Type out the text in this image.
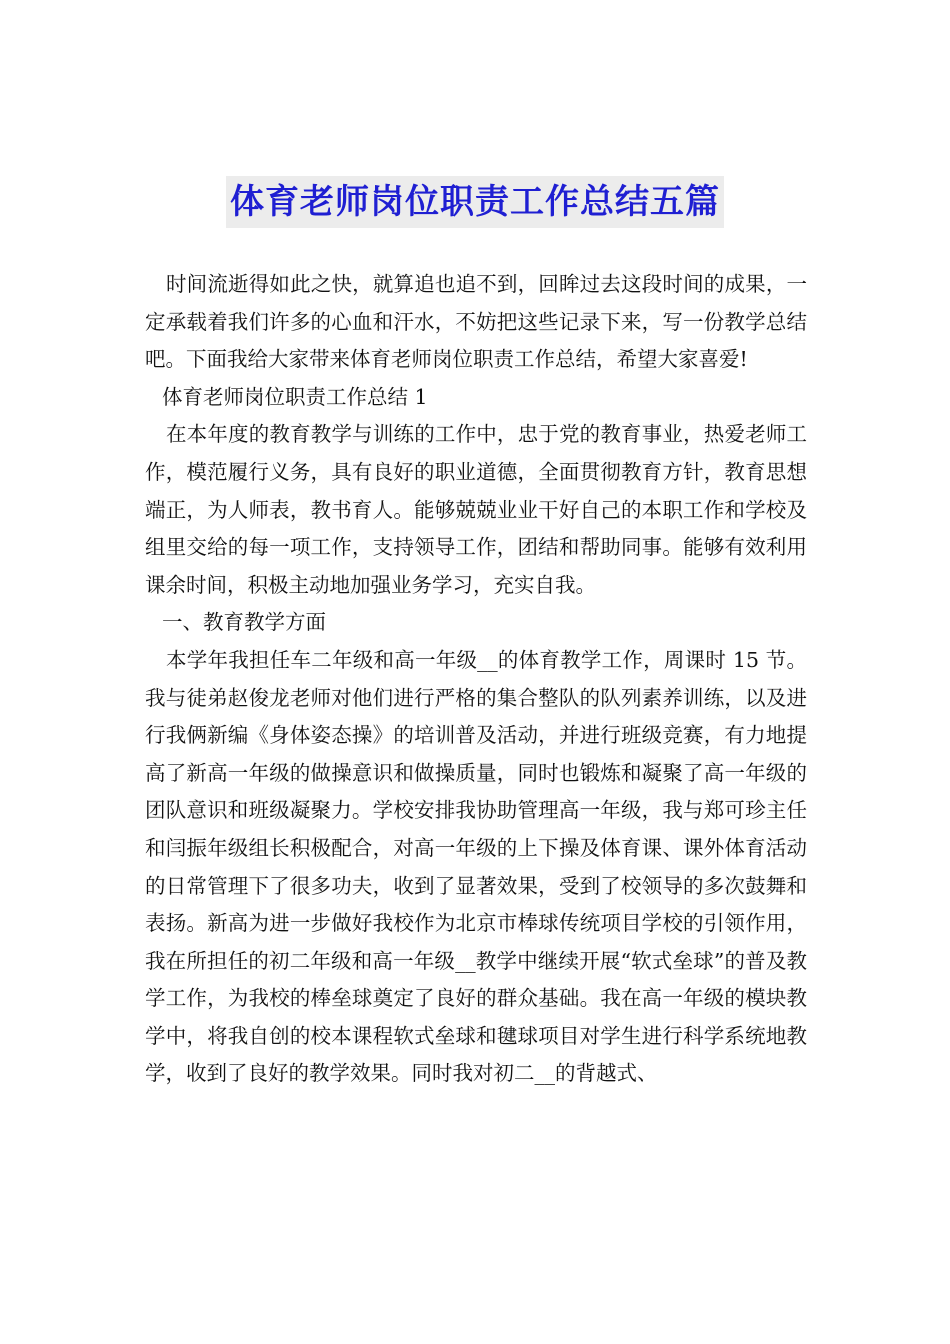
体育老师岗位职责工作总结五篇

时间流逝得如此之快，就算追也追不到，回眸过去这段时间的成果，一定承载着我们许多的心血和汗水，不妨把这些记录下来，写一份教学总结吧。下面我给大家带来体育老师岗位职责工作总结，希望大家喜爱!

体育老师岗位职责工作总结 1

在本年度的教育教学与训练的工作中，忠于党的教育事业，热爱老师工作，模范履行义务，具有良好的职业道德，全面贯彻教育方针，教育思想端正，为人师表，教书育人。能够兢兢业业干好自己的本职工作和学校及组里交给的每一项工作，支持领导工作，团结和帮助同事。能够有效利用课余时间，积极主动地加强业务学习，充实自我。

一、教育教学方面

本学年我担任车二年级和高一年级__的体育教学工作，周课时 15 节。我与徒弟赵俊龙老师对他们进行严格的集合整队的队列素养训练，以及进行我俩新编《身体姿态操》的培训普及活动，并进行班级竞赛，有力地提高了新高一年级的做操意识和做操质量，同时也锻炼和凝聚了高一年级的团队意识和班级凝聚力。学校安排我协助管理高一年级，我与郑可珍主任和闫振年级组长积极配合，对高一年级的上下操及体育课、课外体育活动的日常管理下了很多功夫，收到了显著效果，受到了校领导的多次鼓舞和表扬。新高为进一步做好我校作为北京市棒球传统项目学校的引领作用，我在所担任的初二年级和高一年级__教学中继续开展“软式垒球”的普及教学工作，为我校的棒垒球奠定了良好的群众基础。我在高一年级的模块教学中，将我自创的校本课程软式垒球和毽球项目对学生进行科学系统地教学，收到了良好的教学效果。同时我对初二__的背越式、
